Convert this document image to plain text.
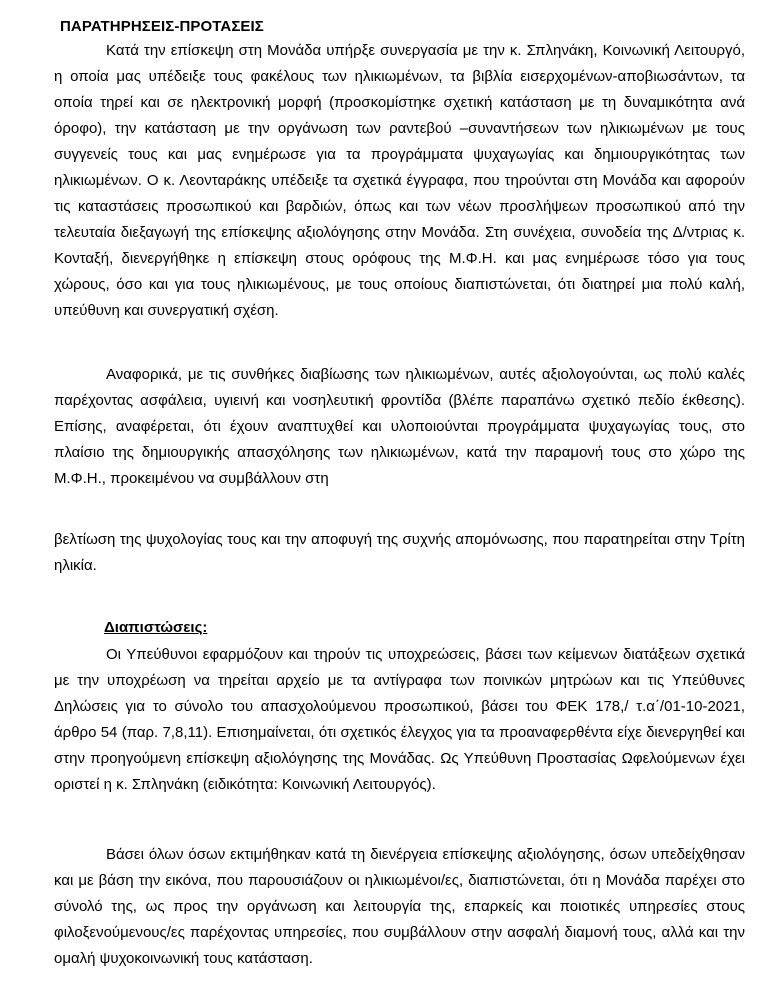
ΠΑΡΑΤΗΡΗΣΕΙΣ-ΠΡΟΤΑΣΕΙΣ

Κατά την επίσκεψη στη Μονάδα υπήρξε συνεργασία με την κ. Σπληνάκη, Κοινωνική Λειτουργό, η οποία μας υπέδειξε τους φακέλους των ηλικιωμένων, τα βιβλία εισερχομένων-αποβιωσάντων, τα οποία τηρεί και σε ηλεκτρονική μορφή (προσκομίστηκε σχετική κατάσταση με τη δυναμικότητα ανά όροφο), την κατάσταση με την οργάνωση των ραντεβού –συναντήσεων των ηλικιωμένων με τους συγγενείς τους και μας ενημέρωσε για τα προγράμματα ψυχαγωγίας και δημιουργικότητας των ηλικιωμένων. Ο κ. Λεονταράκης υπέδειξε τα σχετικά έγγραφα, που τηρούνται στη Μονάδα και αφορούν τις καταστάσεις προσωπικού και βαρδιών, όπως και των νέων προσλήψεων προσωπικού από την τελευταία διεξαγωγή της επίσκεψης αξιολόγησης στην Μονάδα. Στη συνέχεια, συνοδεία της Δ/ντριας κ. Κονταξή, διενεργήθηκε η επίσκεψη στους ορόφους της Μ.Φ.Η. και μας ενημέρωσε τόσο για τους χώρους, όσο και για τους ηλικιωμένους, με τους οποίους διαπιστώνεται, ότι διατηρεί μια πολύ καλή, υπεύθυνη και συνεργατική σχέση.

Αναφορικά, με τις συνθήκες διαβίωσης των ηλικιωμένων, αυτές αξιολογούνται, ως πολύ καλές παρέχοντας ασφάλεια, υγιεινή και νοσηλευτική φροντίδα (βλέπε παραπάνω σχετικό πεδίο έκθεσης). Επίσης, αναφέρεται, ότι έχουν αναπτυχθεί και υλοποιούνται προγράμματα ψυχαγωγίας τους, στο πλαίσιο της δημιουργικής απασχόλησης των ηλικιωμένων, κατά την παραμονή τους στο χώρο της Μ.Φ.Η., προκειμένου να συμβάλλουν στη

βελτίωση της ψυχολογίας τους και την αποφυγή της συχνής απομόνωσης, που παρατηρείται στην Τρίτη ηλικία.

Διαπιστώσεις:

Οι Υπεύθυνοι εφαρμόζουν και τηρούν τις υποχρεώσεις, βάσει των κείμενων διατάξεων σχετικά με την υποχρέωση να τηρείται αρχείο με τα αντίγραφα των ποινικών μητρώων και τις Υπεύθυνες Δηλώσεις για το σύνολο του απασχολούμενου προσωπικού, βάσει του ΦΕΚ 178,/ τ.α΄/01-10-2021, άρθρο 54 (παρ. 7,8,11). Επισημαίνεται, ότι σχετικός έλεγχος για τα προαναφερθέντα είχε διενεργηθεί και στην προηγούμενη επίσκεψη αξιολόγησης της Μονάδας. Ως Υπεύθυνη Προστασίας Ωφελούμενων έχει οριστεί η κ. Σπληνάκη (ειδικότητα: Κοινωνική Λειτουργός).

Βάσει όλων όσων εκτιμήθηκαν κατά τη διενέργεια επίσκεψης αξιολόγησης, όσων υπεδείχθησαν και με βάση την εικόνα, που παρουσιάζουν οι ηλικιωμένοι/ες, διαπιστώνεται, ότι η Μονάδα παρέχει στο σύνολό της, ως προς την οργάνωση και λειτουργία της, επαρκείς και ποιοτικές υπηρεσίες στους φιλοξενούμενους/ες παρέχοντας υπηρεσίες, που συμβάλλουν στην ασφαλή διαμονή τους, αλλά και την ομαλή ψυχοκοινωνική τους κατάσταση.
